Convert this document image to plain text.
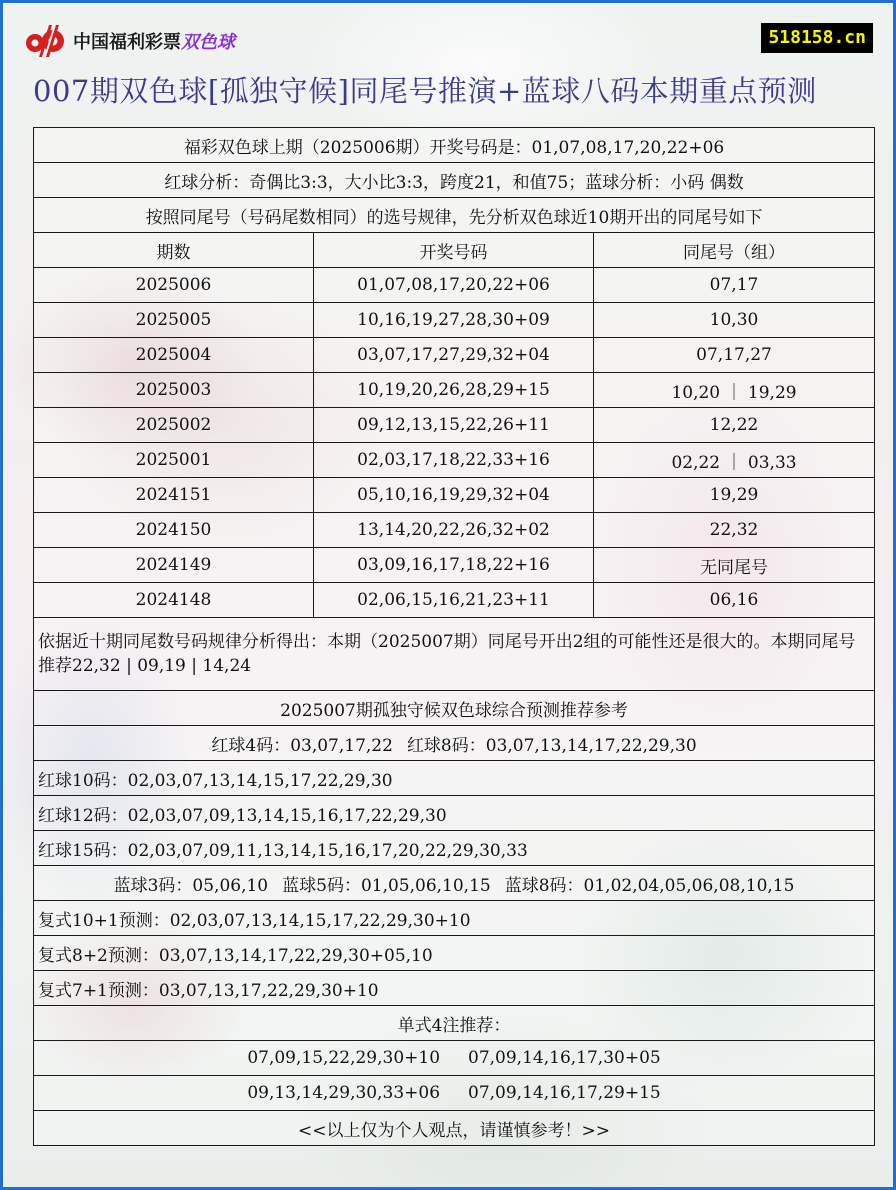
中国福利彩票双色球	518158.cn
007期双色球[孤独守候]同尾号推演+蓝球八码本期重点预测
福彩双色球上期（2025006期）开奖号码是：01,07,08,17,20,22+06		
红球分析：奇偶比3:3，大小比3:3，跨度21，和值75；蓝球分析：小码 偶数		
按照同尾号（号码尾数相同）的选号规律，先分析双色球近10期开出的同尾号如下		
期数	开奖号码	同尾号（组）
2025006	01,07,08,17,20,22+06	07,17
2025005	10,16,19,27,28,30+09	10,30
2025004	03,07,17,27,29,32+04	07,17,27
2025003	10,19,20,26,28,29+15	10,20 ｜ 19,29
2025002	09,12,13,15,22,26+11	12,22
2025001	02,03,17,18,22,33+16	02,22 ｜ 03,33
2024151	05,10,16,19,29,32+04	19,29
2024150	13,14,20,22,26,32+02	22,32
2024149	03,09,16,17,18,22+16	无同尾号
2024148	02,06,15,16,21,23+11	06,16
依据近十期同尾数号码规律分析得出：本期（2025007期）同尾号开出2组的可能性还是很大的。本期同尾号推荐22,32 | 09,19 | 14,24		
2025007期孤独守候双色球综合预测推荐参考		
红球4码：03,07,17,22 红球8码：03,07,13,14,17,22,29,30		
红球10码：02,03,07,13,14,15,17,22,29,30		
红球12码：02,03,07,09,13,14,15,16,17,22,29,30		
红球15码：02,03,07,09,11,13,14,15,16,17,20,22,29,30,33		
蓝球3码：05,06,10 蓝球5码：01,05,06,10,15 蓝球8码：01,02,04,05,06,08,10,15		
复式10+1预测：02,03,07,13,14,15,17,22,29,30+10		
复式8+2预测：03,07,13,14,17,22,29,30+05,10		
复式7+1预测：03,07,13,17,22,29,30+10		
单式4注推荐：		
07,09,15,22,29,30+10 07,09,14,16,17,30+05		
09,13,14,29,30,33+06 07,09,14,16,17,29+15		
<<以上仅为个人观点，请谨慎参考！>>		
